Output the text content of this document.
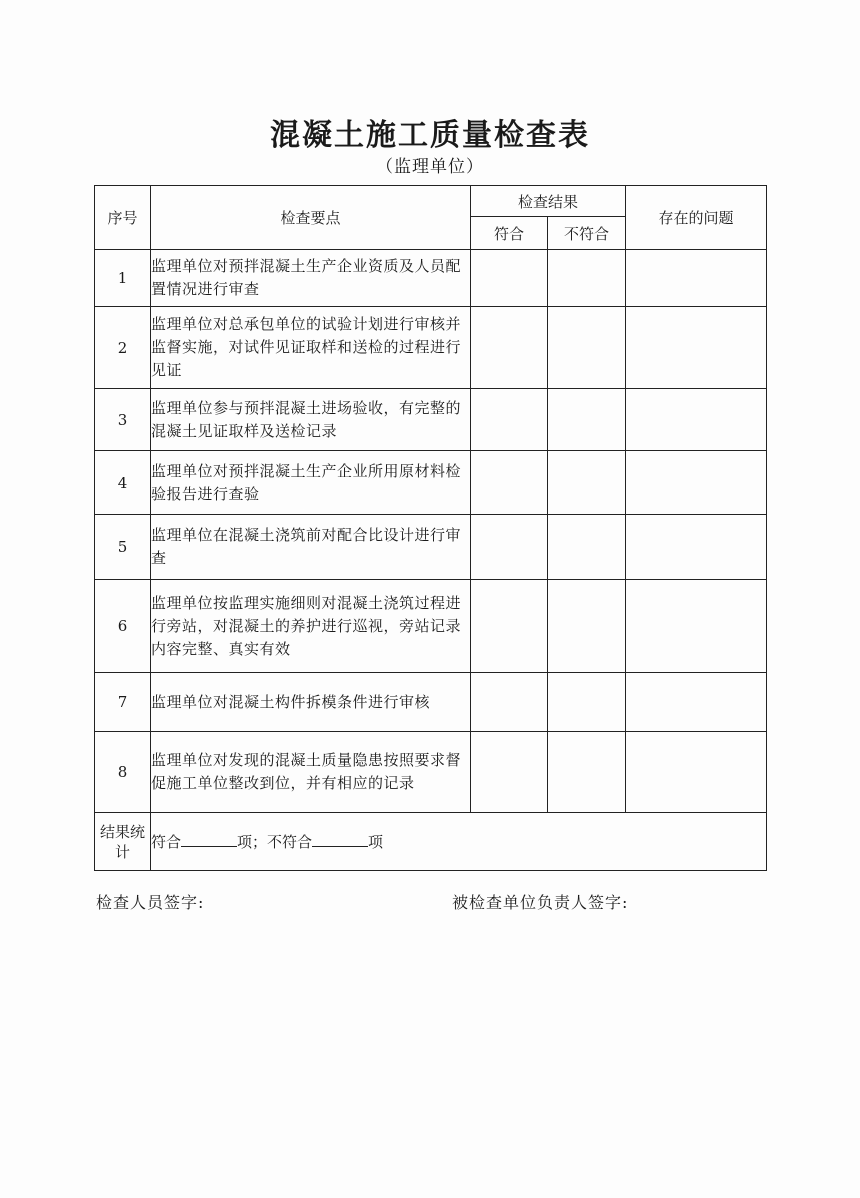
混凝土施工质量检查表
（监理单位）
序号	检查要点	检查结果		存在的问题
		符合	不符合	
1	监理单位对预拌混凝土生产企业资质及人员配置情况进行审查			
2	监理单位对总承包单位的试验计划进行审核并监督实施，对试件见证取样和送检的过程进行见证			
3	监理单位参与预拌混凝土进场验收，有完整的混凝土见证取样及送检记录			
4	监理单位对预拌混凝土生产企业所用原材料检验报告进行查验			
5	监理单位在混凝土浇筑前对配合比设计进行审查			
6	监理单位按监理实施细则对混凝土浇筑过程进行旁站，对混凝土的养护进行巡视，旁站记录内容完整、真实有效			
7	监理单位对混凝土构件拆模条件进行审核			
8	监理单位对发现的混凝土质量隐患按照要求督促施工单位整改到位，并有相应的记录			
结果统计	符合 项；不符合 项			
检查人员签字:	被检查单位负责人签字:
